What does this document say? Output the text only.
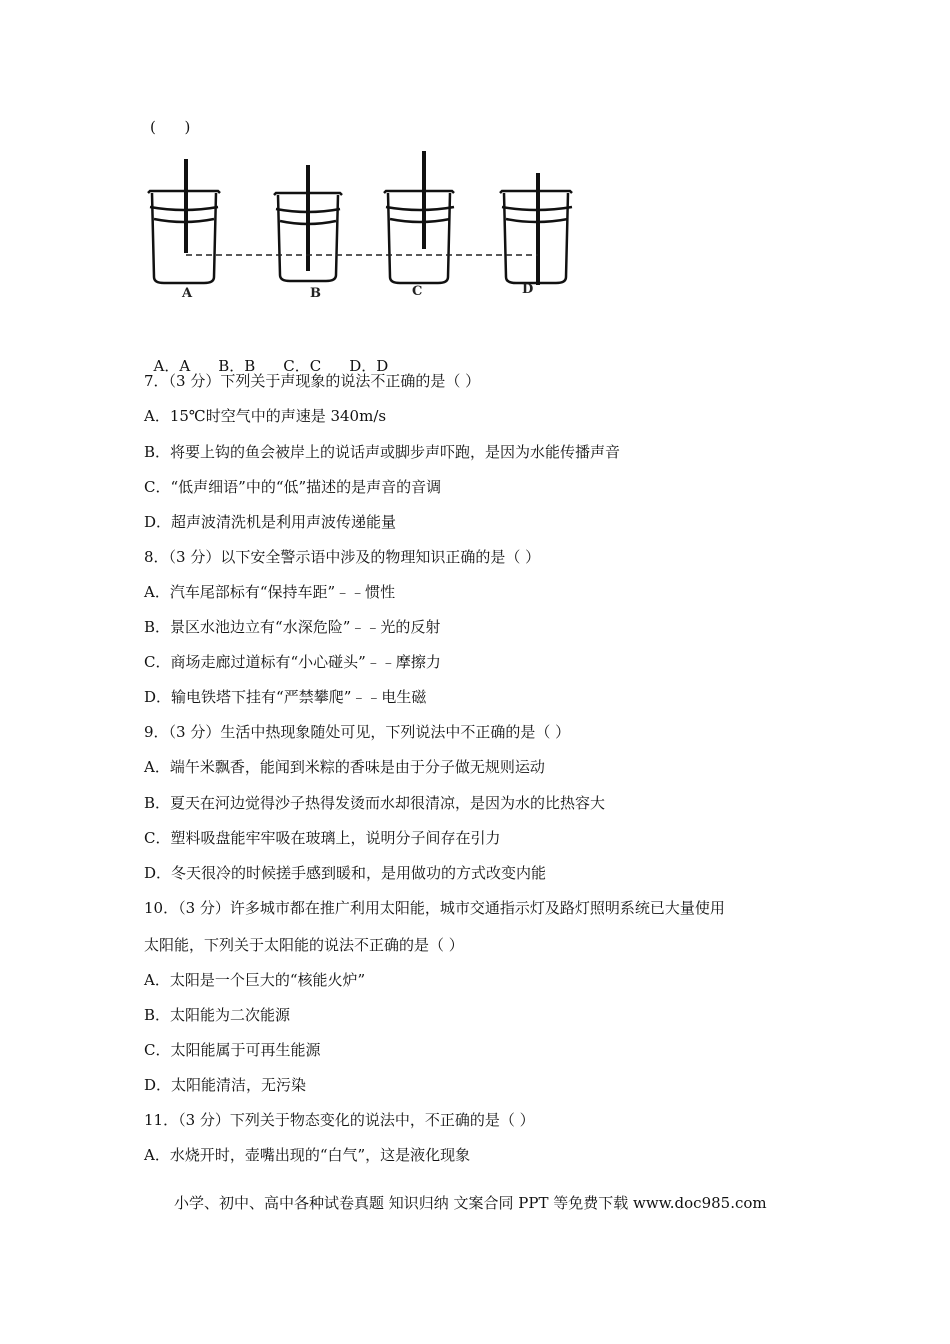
(      )
A	B	C	D

A．A B．B C．C D．D

7．（3 分）下列关于声现象的说法不正确的是（ ）
A．15℃时空气中的声速是 340m/s
B．将要上钩的鱼会被岸上的说话声或脚步声吓跑，是因为水能传播声音
C．“低声细语”中的“低”描述的是声音的音调
D．超声波清洗机是利用声波传递能量
8．（3 分）以下安全警示语中涉及的物理知识正确的是（ ）
A．汽车尾部标有“保持车距”﹣﹣惯性
B．景区水池边立有“水深危险”﹣﹣光的反射
C．商场走廊过道标有“小心碰头”﹣﹣摩擦力
D．输电铁塔下挂有“严禁攀爬”﹣﹣电生磁
9．（3 分）生活中热现象随处可见，下列说法中不正确的是（ ）
A．端午米飘香，能闻到米粽的香味是由于分子做无规则运动
B．夏天在河边觉得沙子热得发烫而水却很清凉，是因为水的比热容大
C．塑料吸盘能牢牢吸在玻璃上，说明分子间存在引力
D．冬天很冷的时候搓手感到暖和，是用做功的方式改变内能
10．（3 分）许多城市都在推广利用太阳能，城市交通指示灯及路灯照明系统已大量使用
太阳能，下列关于太阳能的说法不正确的是（ ）
A．太阳是一个巨大的“核能火炉”
B．太阳能为二次能源
C．太阳能属于可再生能源
D．太阳能清洁，无污染
11．（3 分）下列关于物态变化的说法中，不正确的是（ ）
A．水烧开时，壶嘴出现的“白气”，这是液化现象
小学、初中、高中各种试卷真题 知识归纳 文案合同 PPT 等免费下载 www.doc985.com
